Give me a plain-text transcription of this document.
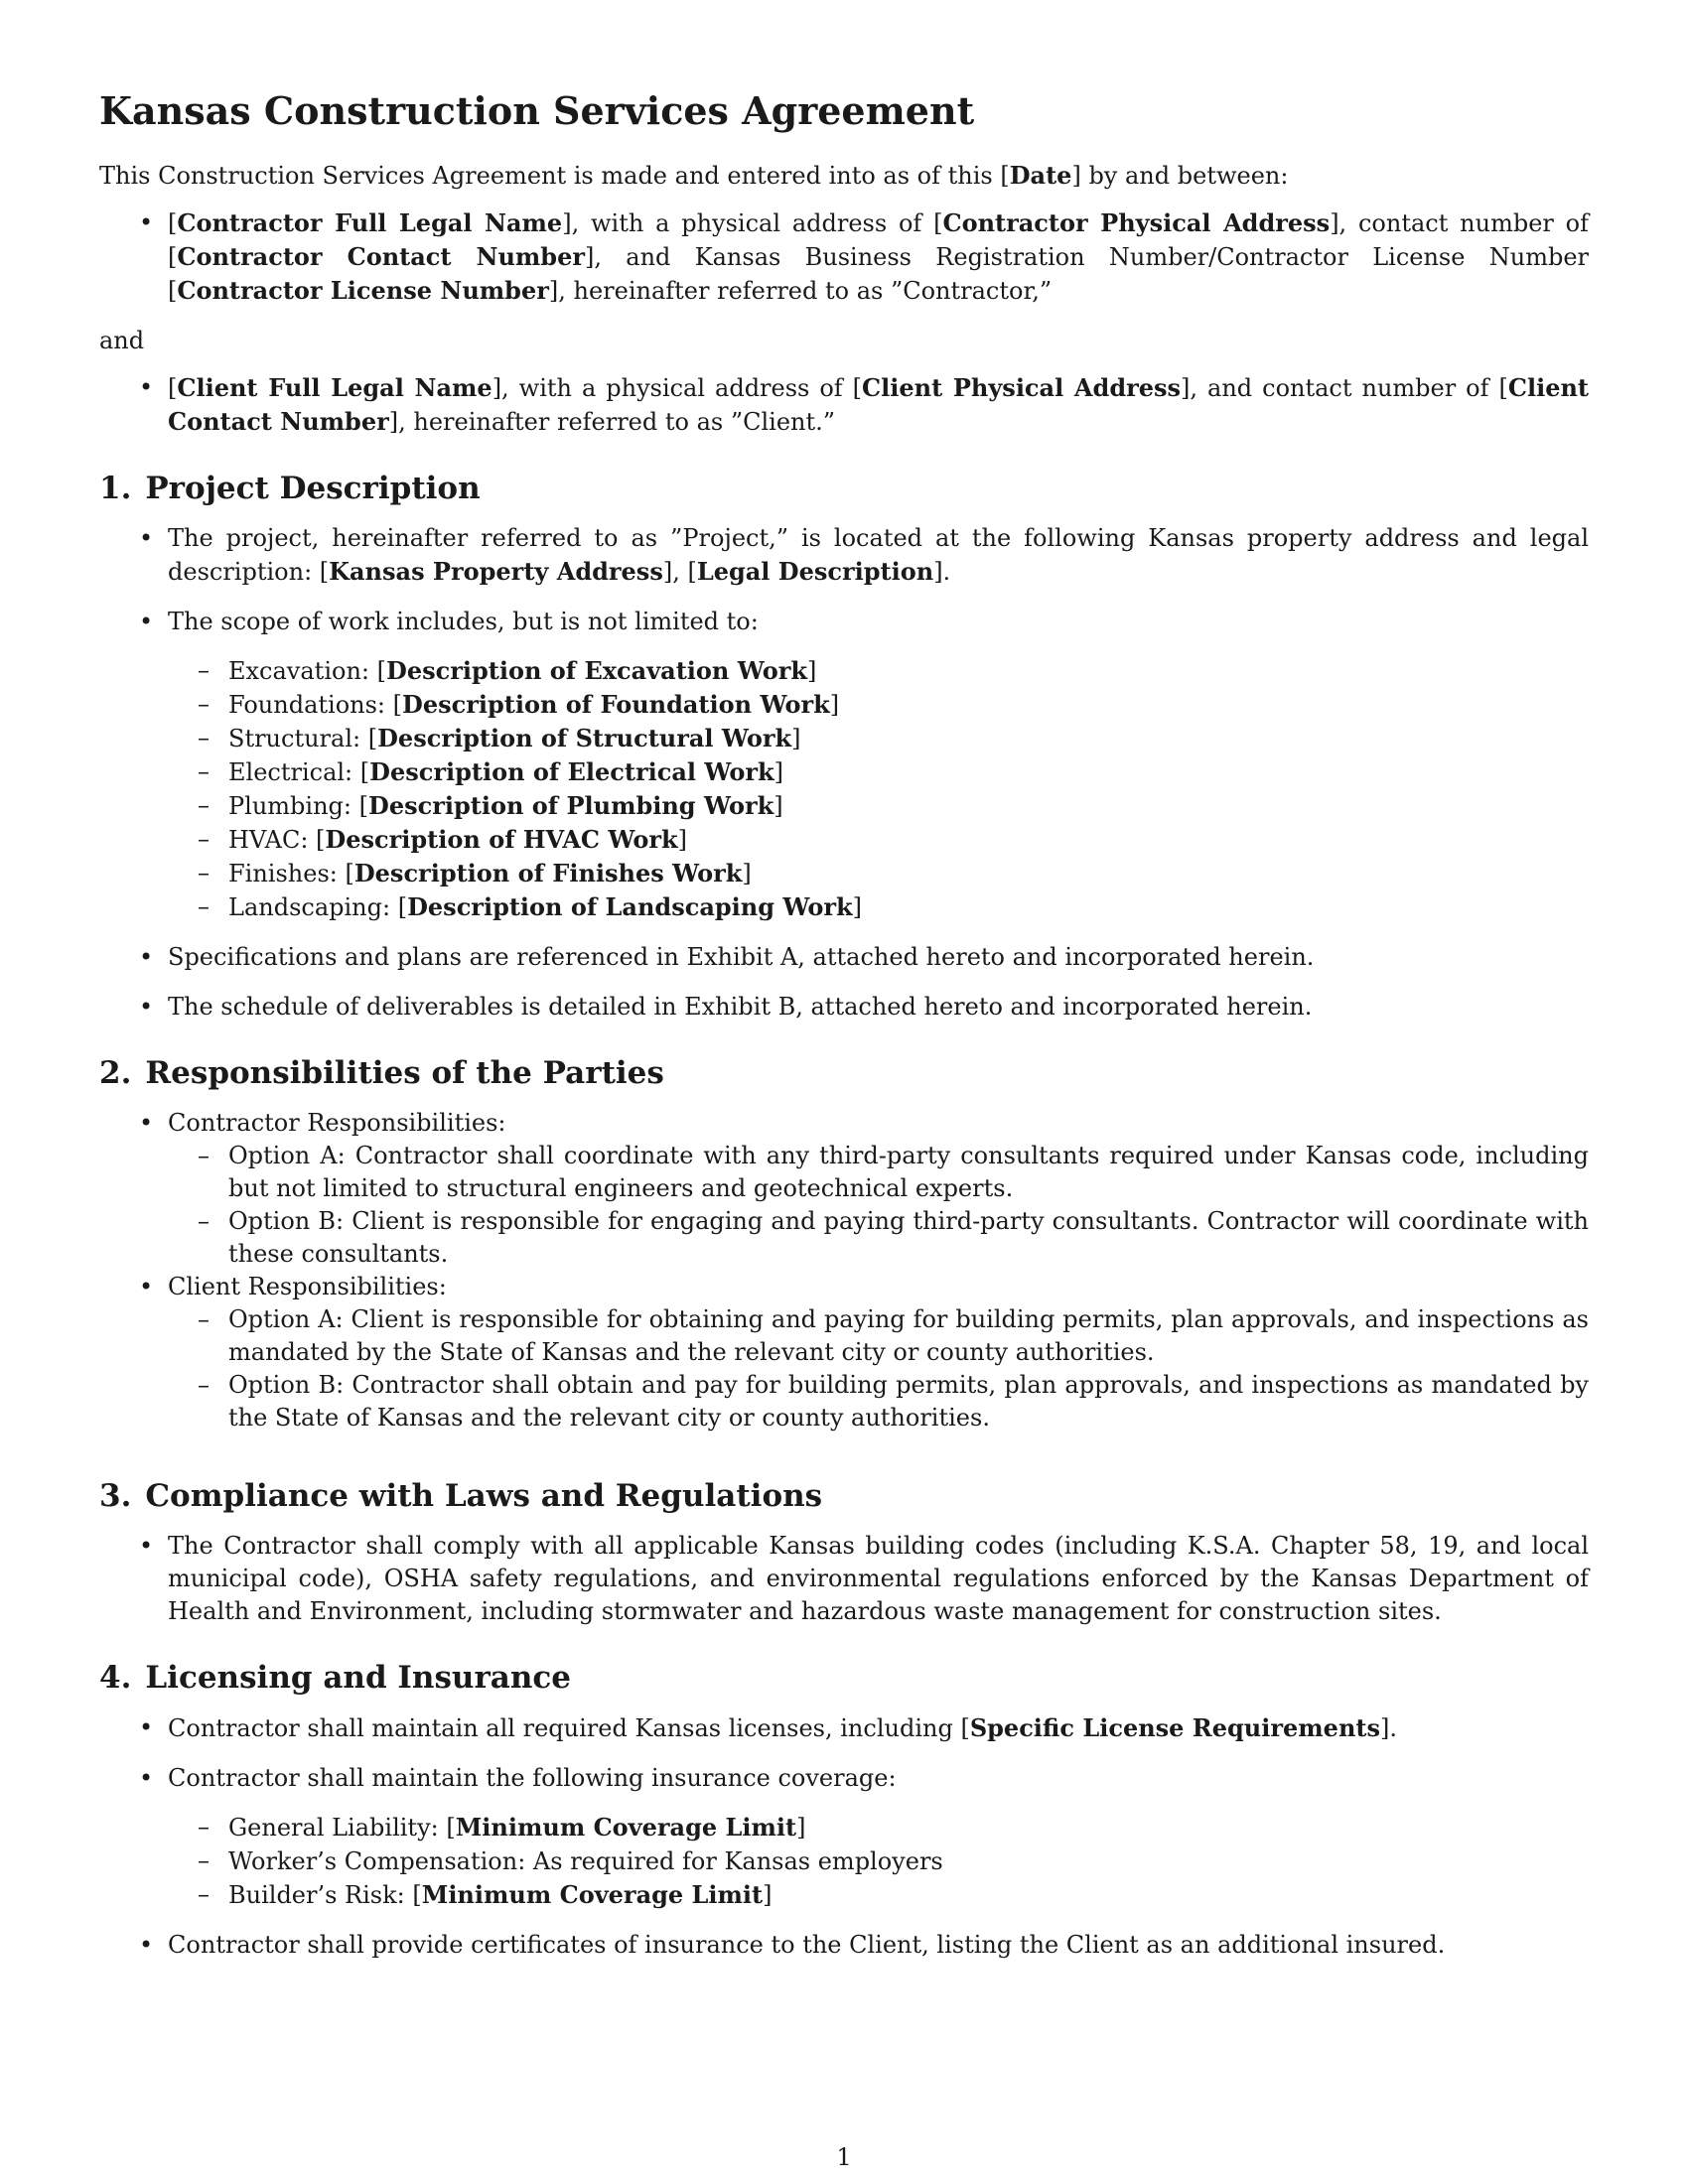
Kansas Construction Services Agreement

This Construction Services Agreement is made and entered into as of this [Date] by and between:

• [Contractor Full Legal Name], with a physical address of [Contractor Physical Address], contact number of [Contractor Contact Number], and Kansas Business Registration Number/Contractor License Number [Contractor License Number], hereinafter referred to as ”Contractor,”

and

• [Client Full Legal Name], with a physical address of [Client Physical Address], and contact number of [Client Contact Number], hereinafter referred to as ”Client.”
1. Project Description
• The project, hereinafter referred to as ”Project,” is located at the following Kansas property address and legal description: [Kansas Property Address], [Legal Description].
• The scope of work includes, but is not limited to:
– Excavation: [Description of Excavation Work]
– Foundations: [Description of Foundation Work]
– Structural: [Description of Structural Work]
– Electrical: [Description of Electrical Work]
– Plumbing: [Description of Plumbing Work]
– HVAC: [Description of HVAC Work]
– Finishes: [Description of Finishes Work]
– Landscaping: [Description of Landscaping Work]
• Specifications and plans are referenced in Exhibit A, attached hereto and incorporated herein.
• The schedule of deliverables is detailed in Exhibit B, attached hereto and incorporated herein.
2. Responsibilities of the Parties
• Contractor Responsibilities:
– Option A: Contractor shall coordinate with any third-party consultants required under Kansas code, including but not limited to structural engineers and geotechnical experts.
– Option B: Client is responsible for engaging and paying third-party consultants. Contractor will coordinate with these consultants.
• Client Responsibilities:
– Option A: Client is responsible for obtaining and paying for building permits, plan approvals, and inspections as mandated by the State of Kansas and the relevant city or county authorities.
– Option B: Contractor shall obtain and pay for building permits, plan approvals, and inspections as mandated by the State of Kansas and the relevant city or county authorities.
3. Compliance with Laws and Regulations
• The Contractor shall comply with all applicable Kansas building codes (including K.S.A. Chapter 58, 19, and local municipal code), OSHA safety regulations, and environmental regulations enforced by the Kansas Department of Health and Environment, including stormwater and hazardous waste management for construction sites.
4. Licensing and Insurance
• Contractor shall maintain all required Kansas licenses, including [Specific License Requirements].
• Contractor shall maintain the following insurance coverage:
– General Liability: [Minimum Coverage Limit]
– Worker’s Compensation: As required for Kansas employers
– Builder’s Risk: [Minimum Coverage Limit]
• Contractor shall provide certificates of insurance to the Client, listing the Client as an additional insured.
1
